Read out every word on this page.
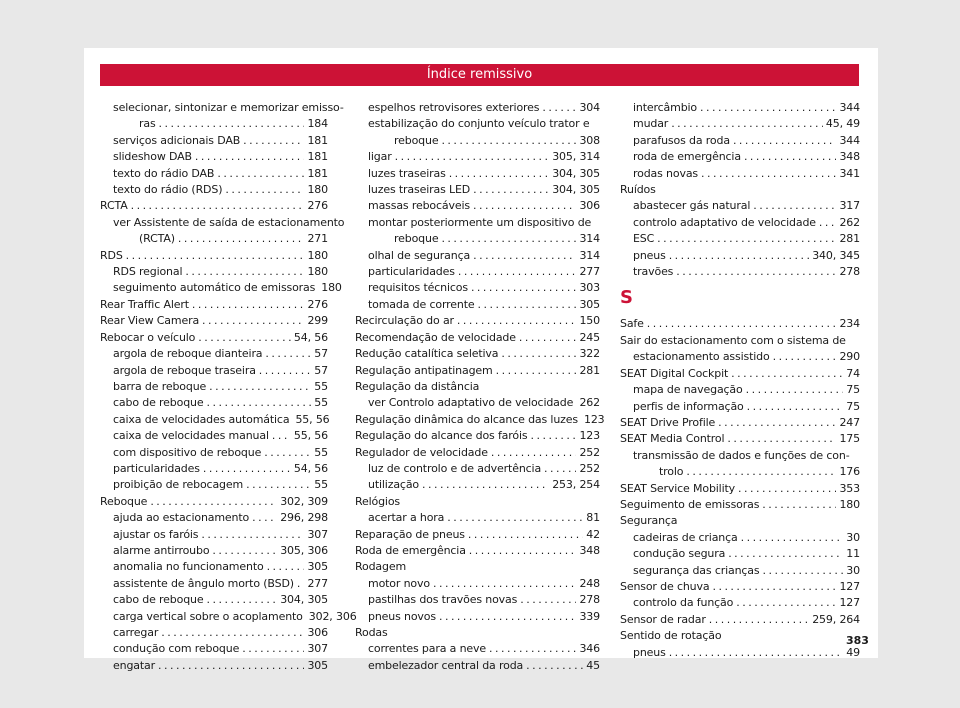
Índice remissivo
selecionar, sintonizar e memorizar emisso-
ras . . .	184
serviços adicionais DAB . . .	181
slideshow DAB . . .	181
texto do rádio DAB . . .	181
texto do rádio (RDS) . . .	180
RCTA . . .	276
ver Assistente de saída de estacionamento
(RCTA) . . .	271
RDS . . .	180
RDS regional . . .	180
seguimento automático de emissoras 180
Rear Traffic Alert . . .	276
Rear View Camera . . .	299
Rebocar o veículo . . .	54, 56
argola de reboque dianteira . . .	57
argola de reboque traseira . . .	57
barra de reboque . . .	55
cabo de reboque . . .	55
caixa de velocidades automática 55, 56
caixa de velocidades manual . . . 55, 56
com dispositivo de reboque . . .	55
particularidades . . .	54, 56
proibição de rebocagem . . .	55
Reboque . . .	302, 309
ajuda ao estacionamento . . .	296, 298
ajustar os faróis . . .	307
alarme antirroubo . . .	305, 306
anomalia no funcionamento . . .	305
assistente de ângulo morto (BSD) . . . 277
cabo de reboque . . .	304, 305
carga vertical sobre o acoplamento 302, 306
carregar . . .	306
condução com reboque . . .	307
engatar . . .	305
espelhos retrovisores exteriores . . .	304
estabilização do conjunto veículo trator e
reboque . . .	308
ligar . . .	305, 314
luzes traseiras . . .	304, 305
luzes traseiras LED . . .	304, 305
massas rebocáveis . . .	306
montar posteriormente um dispositivo de
reboque . . .	314
olhal de segurança . . .	314
particularidades . . .	277
requisitos técnicos . . .	303
tomada de corrente . . .	305
Recirculação do ar . . .	150
Recomendação de velocidade . . .	245
Redução catalítica seletiva . . .	322
Regulação antipatinagem . . .	281
Regulação da distância
ver Controlo adaptativo de velocidade . . . 262
Regulação dinâmica do alcance das luzes 123
Regulação do alcance dos faróis . . .	123
Regulador de velocidade . . .	252
luz de controlo e de advertência . . .	252
utilização . . .	253, 254
Relógios
acertar a hora . . .	81
Reparação de pneus . . .	42
Roda de emergência . . .	348
Rodagem
motor novo . . .	248
pastilhas dos travões novas . . .	278
pneus novos . . .	339
Rodas
correntes para a neve . . .	346
embelezador central da roda . . .	45
intercâmbio . . .	344
mudar . . .	45, 49
parafusos da roda . . .	344
roda de emergência . . .	348
rodas novas . . .	341
Ruídos
abastecer gás natural . . .	317
controlo adaptativo de velocidade . . . 262
ESC . . .	281
pneus . . .	340, 345
travões . . .	278
S
Safe . . .	234
Sair do estacionamento com o sistema de
estacionamento assistido . . .	290
SEAT Digital Cockpit . . .	74
mapa de navegação . . .	75
perfis de informação . . .	75
SEAT Drive Profile . . .	247
SEAT Media Control . . .	175
transmissão de dados e funções de con-
trolo . . .	176
SEAT Service Mobility . . .	353
Seguimento de emissoras . . .	180
Segurança
cadeiras de criança . . .	30
condução segura . . .	11
segurança das crianças . . .	30
Sensor de chuva . . .	127
controlo da função . . .	127
Sensor de radar . . .	259, 264
Sentido de rotação
pneus . . .	49
383
